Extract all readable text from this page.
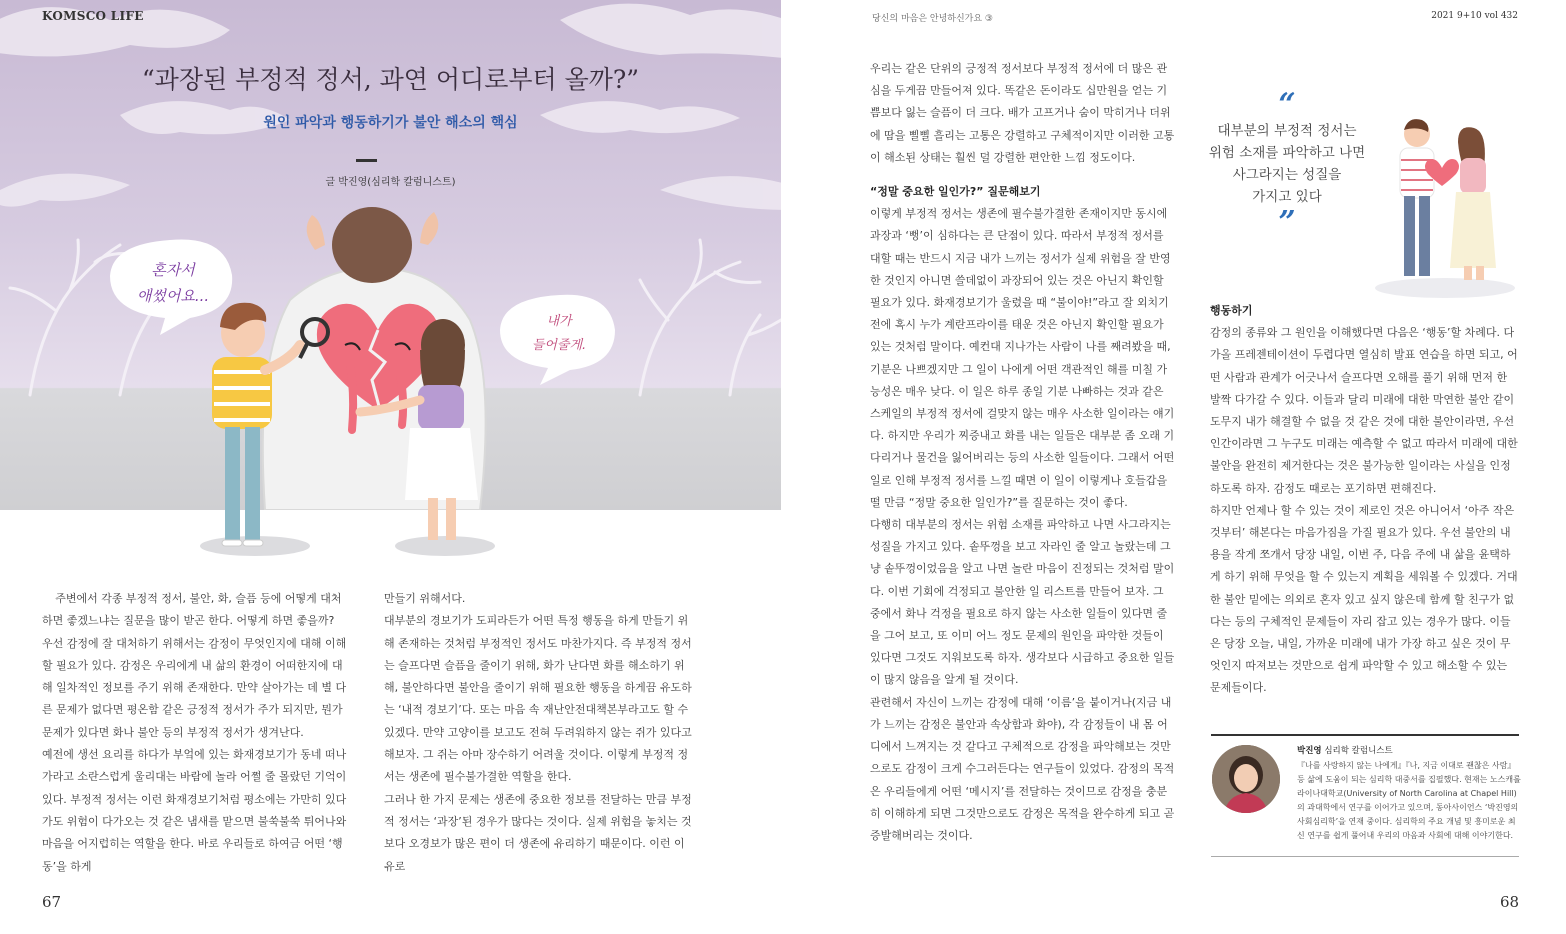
혼자서
애썼어요...
내가
들어줄게.
KOMSCO LIFE
“과장된 부정적 정서, 과연 어디로부터 올까?”
원인 파악과 행동하기가 불안 해소의 핵심
글 박진영(심리학 칼럼니스트)

주변에서 각종 부정적 정서, 불안, 화, 슬픔 등에 어떻게 대처하면 좋겠느냐는 질문을 많이 받곤 한다. 어떻게 하면 좋을까?

우선 감정에 잘 대처하기 위해서는 감정이 무엇인지에 대해 이해할 필요가 있다. 감정은 우리에게 내 삶의 환경이 어떠한지에 대해 일차적인 정보를 주기 위해 존재한다. 만약 살아가는 데 별 다른 문제가 없다면 평온함 같은 긍정적 정서가 주가 되지만, 뭔가 문제가 있다면 화나 불안 등의 부정적 정서가 생겨난다.

예전에 생선 요리를 하다가 부엌에 있는 화재경보기가 동네 떠나가라고 소란스럽게 울리대는 바람에 놀라 어쩔 줄 몰랐던 기억이 있다. 부정적 정서는 이런 화재경보기처럼 평소에는 가만히 있다가도 위험이 다가오는 것 같은 냄새를 맡으면 불쑥불쑥 튀어나와 마음을 어지럽히는 역할을 한다. 바로 우리들로 하여금 어떤 ‘행동’을 하게

만들기 위해서다.

대부분의 경보기가 도피라든가 어떤 특정 행동을 하게 만들기 위해 존재하는 것처럼 부정적인 정서도 마찬가지다. 즉 부정적 정서는 슬프다면 슬픔을 줄이기 위해, 화가 난다면 화를 해소하기 위해, 불안하다면 불안을 줄이기 위해 필요한 행동을 하게끔 유도하는 ‘내적 경보기’다. 또는 마음 속 재난안전대책본부라고도 할 수 있겠다. 만약 고양이를 보고도 전혀 두려워하지 않는 쥐가 있다고 해보자. 그 쥐는 아마 장수하기 어려울 것이다. 이렇게 부정적 정서는 생존에 필수불가결한 역할을 한다.

그러나 한 가지 문제는 생존에 중요한 정보를 전달하는 만큼 부정적 정서는 ‘과장’된 경우가 많다는 것이다. 실제 위험을 놓치는 것보다 오경보가 많은 편이 더 생존에 유리하기 때문이다. 이런 이유로

67
당신의 마음은 안녕하신가요 ③	2021 9+10 vol 432

우리는 같은 단위의 긍정적 정서보다 부정적 정서에 더 많은 관심을 두게끔 만들어져 있다. 똑같은 돈이라도 십만원을 얻는 기쁨보다 잃는 슬픔이 더 크다. 배가 고프거나 숨이 막히거나 더위에 땀을 삘삘 흘리는 고통은 강렬하고 구체적이지만 이러한 고통이 해소된 상태는 훨씬 덜 강렬한 편안한 느낌 정도이다.

“정말 중요한 일인가?” 질문해보기

이렇게 부정적 정서는 생존에 필수불가결한 존재이지만 동시에 과장과 ‘뻥’이 심하다는 큰 단점이 있다. 따라서 부정적 정서를 대할 때는 반드시 지금 내가 느끼는 정서가 실제 위험을 잘 반영한 것인지 아니면 쓸데없이 과장되어 있는 것은 아닌지 확인할 필요가 있다. 화재경보기가 울렸을 때 “불이야!”라고 잘 외치기 전에 혹시 누가 계란프라이를 태운 것은 아닌지 확인할 필요가 있는 것처럼 말이다. 예컨대 지나가는 사람이 나를 째려봤을 때, 기분은 나쁘겠지만 그 일이 나에게 어떤 객관적인 해를 미칠 가능성은 매우 낮다. 이 일은 하루 종일 기분 나빠하는 것과 같은 스케일의 부정적 정서에 걸맞지 않는 매우 사소한 일이라는 얘기다. 하지만 우리가 찌증내고 화를 내는 일들은 대부분 좀 오래 기다리거나 물건을 잃어버리는 등의 사소한 일들이다. 그래서 어떤 일로 인해 부정적 정서를 느낄 때면 이 일이 이렇게나 호들갑을 떨 만큼 “정말 중요한 일인가?”를 질문하는 것이 좋다.

다행히 대부분의 정서는 위험 소재를 파악하고 나면 사그라지는 성질을 가지고 있다. 솥뚜껑을 보고 자라인 줄 알고 놀랐는데 그냥 솥뚜껑이었음을 알고 나면 놀란 마음이 진정되는 것처럼 말이다. 이번 기회에 걱정되고 불안한 일 리스트를 만들어 보자. 그 중에서 화나 걱정을 필요로 하지 않는 사소한 일들이 있다면 줄을 그어 보고, 또 이미 어느 정도 문제의 원인을 파악한 것들이 있다면 그것도 지워보도록 하자. 생각보다 시급하고 중요한 일들이 많지 않음을 알게 될 것이다.

관련해서 자신이 느끼는 감정에 대해 ‘이름’을 붙이거나(지금 내가 느끼는 감정은 불안과 속상함과 화야), 각 감정들이 내 몸 어디에서 느껴지는 것 같다고 구체적으로 감정을 파악해보는 것만으로도 감정이 크게 수그러든다는 연구들이 있었다. 감정의 목적은 우리들에게 어떤 ‘메시지’를 전달하는 것이므로 감정을 충분히 이해하게 되면 그것만으로도 감정은 목적을 완수하게 되고 곧 증발해버리는 것이다.

“
대부분의 부정적 정서는
위험 소재를 파악하고 나면
사그라지는 성질을
가지고 있다
”

행동하기

감정의 종류와 그 원인을 이해했다면 다음은 ‘행동’할 차례다. 다가올 프레젠테이션이 두렵다면 열심히 발표 연습을 하면 되고, 어떤 사람과 관계가 어긋나서 슬프다면 오해를 풀기 위해 먼저 한 발짝 다가갈 수 있다. 이들과 달리 미래에 대한 막연한 불안 같이 도무지 내가 해결할 수 없을 것 같은 것에 대한 불안이라면, 우선 인간이라면 그 누구도 미래는 예측할 수 없고 따라서 미래에 대한 불안을 완전히 제거한다는 것은 불가능한 일이라는 사실을 인정하도록 하자. 감정도 때로는 포기하면 편해진다.

하지만 언제나 할 수 있는 것이 제로인 것은 아니어서 ‘아주 작은 것부터’ 해본다는 마음가짐을 가질 필요가 있다. 우선 불안의 내용을 작게 쪼개서 당장 내일, 이번 주, 다음 주에 내 삶을 윤택하게 하기 위해 무엇을 할 수 있는지 계획을 세워볼 수 있겠다. 거대한 불안 밑에는 의외로 혼자 있고 싶지 않은데 함께 할 친구가 없다는 등의 구체적인 문제들이 자리 잡고 있는 경우가 많다. 이들은 당장 오늘, 내일, 가까운 미래에 내가 가장 하고 싶은 것이 무엇인지 따져보는 것만으로 쉽게 파악할 수 있고 해소할 수 있는 문제들이다.

박진영 심리학 칼럼니스트
『나를 사랑하지 않는 나에게』『나, 지금 이대로 괜찮은 사람』 등 삶에 도움이 되는 심리학 대중서를 집필했다. 현재는 노스캐롤라이나대학교(University of North Carolina at Chapel Hill) 의 과대학에서 연구를 이어가고 있으며, 동아사이언스 ‘박진영의 사회심리학’을 연재 중이다. 심리학의 주요 개념 및 흥미로운 최신 연구를 쉽게 풀어내 우리의 마음과 사회에 대해 이야기한다.
68
